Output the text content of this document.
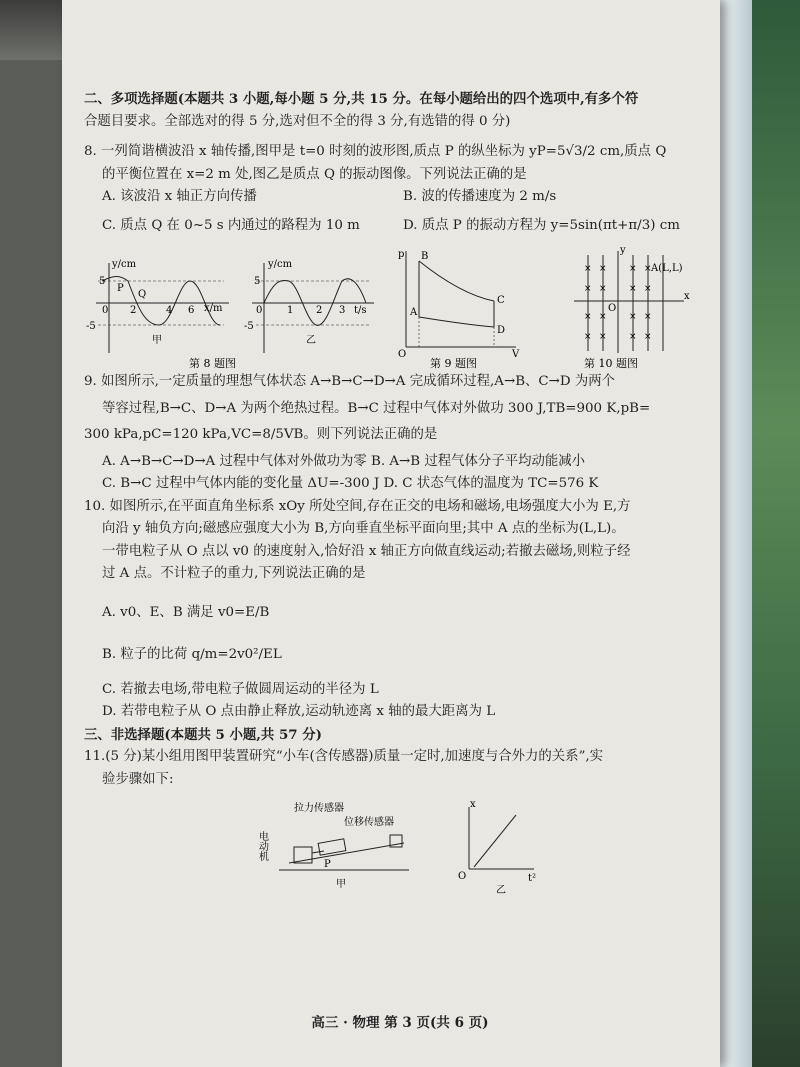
二、多项选择题(本题共 3 小题,每小题 5 分,共 15 分。在每小题给出的四个选项中,有多个符

合题目要求。全部选对的得 5 分,选对但不全的得 3 分,有选错的得 0 分)

8. 一列简谐横波沿 x 轴传播,图甲是 t=0 时刻的波形图,质点 P 的纵坐标为 yP=5√3/2 cm,质点 Q

的平衡位置在 x=2 m 处,图乙是质点 Q 的振动图像。下列说法正确的是

A. 该波沿 x 轴正方向传播	B. 波的传播速度为 2 m/s
C. 质点 Q 在 0~5 s 内通过的路程为 10 m	D. 质点 P 的振动方程为 y=5sin(πt+π/3) cm
y/cm
x/m
5
-5
P
Q
0 2	4 6
甲
y/cm
t/s
5
-5
0 1 2 3
乙
第 8 题图
p B
A
C
D
O	V
第 9 题图
× × × ×
× × × ×
× × × ×
× × × ×
A(L,L)
O
y
x
第 10 题图

9. 如图所示,一定质量的理想气体状态 A→B→C→D→A 完成循环过程,A→B、C→D 为两个

等容过程,B→C、D→A 为两个绝热过程。B→C 过程中气体对外做功 300 J,TB=900 K,pB=

300 kPa,pC=120 kPa,VC=8/5VB。则下列说法正确的是

A. A→B→C→D→A 过程中气体对外做功为零 B. A→B 过程气体分子平均动能减小

C. B→C 过程中气体内能的变化量 ΔU=-300 J D. C 状态气体的温度为 TC=576 K

10. 如图所示,在平面直角坐标系 xOy 所处空间,存在正交的电场和磁场,电场强度大小为 E,方

向沿 y 轴负方向;磁感应强度大小为 B,方向垂直坐标平面向里;其中 A 点的坐标为(L,L)。

一带电粒子从 O 点以 v0 的速度射入,恰好沿 x 轴正方向做直线运动;若撤去磁场,则粒子经

过 A 点。不计粒子的重力,下列说法正确的是

A. v0、E、B 满足 v0=E/B

B. 粒子的比荷 q/m=2v0²/EL

C. 若撤去电场,带电粒子做圆周运动的半径为 L

D. 若带电粒子从 O 点由静止释放,运动轨迹离 x 轴的最大距离为 L

三、非选择题(本题共 5 小题,共 57 分)

11.(5 分)某小组用图甲装置研究“小车(含传感器)质量一定时,加速度与合外力的关系”,实

验步骤如下:

拉力传感器
位移传感器
电动机
P
甲
x
t²
O
乙
高三 · 物理 第 3 页(共 6 页)
